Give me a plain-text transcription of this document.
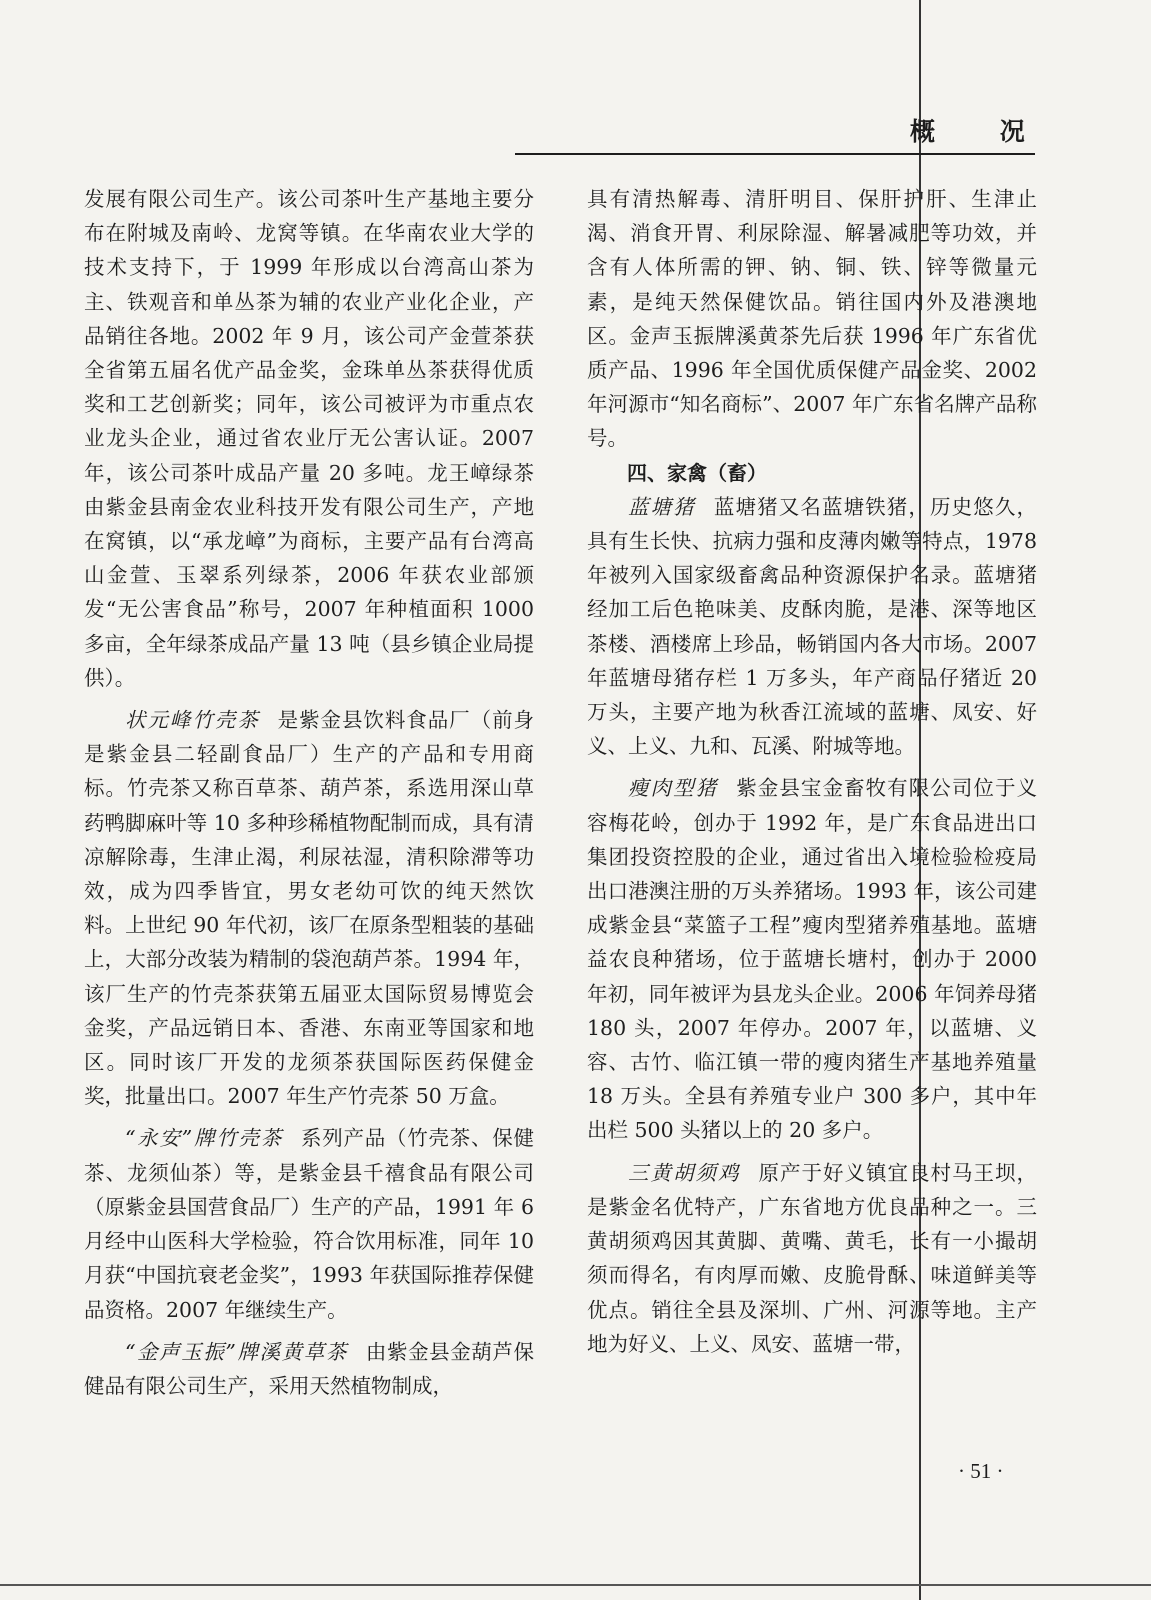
概 况

发展有限公司生产。该公司茶叶生产基地主要分布在附城及南岭、龙窝等镇。在华南农业大学的技术支持下，于 1999 年形成以台湾高山茶为主、铁观音和单丛茶为辅的农业产业化企业，产品销往各地。2002 年 9 月，该公司产金萱茶获全省第五届名优产品金奖，金珠单丛茶获得优质奖和工艺创新奖；同年，该公司被评为市重点农业龙头企业，通过省农业厅无公害认证。2007 年，该公司茶叶成品产量 20 多吨。龙王嶂绿茶 由紫金县南金农业科技开发有限公司生产，产地在窝镇，以“承龙嶂”为商标，主要产品有台湾高山金萱、玉翠系列绿茶，2006 年获农业部颁发“无公害食品”称号，2007 年种植面积 1000 多亩，全年绿茶成品产量 13 吨（县乡镇企业局提供）。

状元峰竹壳茶 是紫金县饮料食品厂（前身是紫金县二轻副食品厂）生产的产品和专用商标。竹壳茶又称百草茶、葫芦茶，系选用深山草药鸭脚麻叶等 10 多种珍稀植物配制而成，具有清凉解除毒，生津止渴，利尿祛湿，清积除滞等功效，成为四季皆宜，男女老幼可饮的纯天然饮料。上世纪 90 年代初，该厂在原条型粗装的基础上，大部分改装为精制的袋泡葫芦茶。1994 年，该厂生产的竹壳茶获第五届亚太国际贸易博览会金奖，产品远销日本、香港、东南亚等国家和地区。同时该厂开发的龙须茶获国际医药保健金奖，批量出口。2007 年生产竹壳茶 50 万盒。

“永安”牌竹壳茶 系列产品（竹壳茶、保健茶、龙须仙茶）等，是紫金县千禧食品有限公司（原紫金县国营食品厂）生产的产品，1991 年 6 月经中山医科大学检验，符合饮用标准，同年 10 月获“中国抗衰老金奖”，1993 年获国际推荐保健品资格。2007 年继续生产。

“金声玉振”牌溪黄草茶 由紫金县金葫芦保健品有限公司生产，采用天然植物制成，

具有清热解毒、清肝明目、保肝护肝、生津止渴、消食开胃、利尿除湿、解暑减肥等功效，并含有人体所需的钾、钠、铜、铁、锌等微量元素，是纯天然保健饮品。销往国内外及港澳地区。金声玉振牌溪黄茶先后获 1996 年广东省优质产品、1996 年全国优质保健产品金奖、2002 年河源市“知名商标”、2007 年广东省名牌产品称号。

四、家禽（畜）

蓝塘猪 蓝塘猪又名蓝塘铁猪，历史悠久，具有生长快、抗病力强和皮薄肉嫩等特点，1978 年被列入国家级畜禽品种资源保护名录。蓝塘猪经加工后色艳味美、皮酥肉脆，是港、深等地区茶楼、酒楼席上珍品，畅销国内各大市场。2007 年蓝塘母猪存栏 1 万多头，年产商品仔猪近 20 万头，主要产地为秋香江流域的蓝塘、凤安、好义、上义、九和、瓦溪、附城等地。

瘦肉型猪 紫金县宝金畜牧有限公司位于义容梅花岭，创办于 1992 年，是广东食品进出口集团投资控股的企业，通过省出入境检验检疫局出口港澳注册的万头养猪场。1993 年，该公司建成紫金县“菜篮子工程”瘦肉型猪养殖基地。蓝塘益农良种猪场，位于蓝塘长塘村，创办于 2000 年初，同年被评为县龙头企业。2006 年饲养母猪 180 头，2007 年停办。2007 年，以蓝塘、义容、古竹、临江镇一带的瘦肉猪生产基地养殖量 18 万头。全县有养殖专业户 300 多户，其中年出栏 500 头猪以上的 20 多户。

三黄胡须鸡 原产于好义镇宜良村马王坝，是紫金名优特产，广东省地方优良品种之一。三黄胡须鸡因其黄脚、黄嘴、黄毛，长有一小撮胡须而得名，有肉厚而嫩、皮脆骨酥、味道鲜美等优点。销往全县及深圳、广州、河源等地。主产地为好义、上义、凤安、蓝塘一带，

· 51 ·
